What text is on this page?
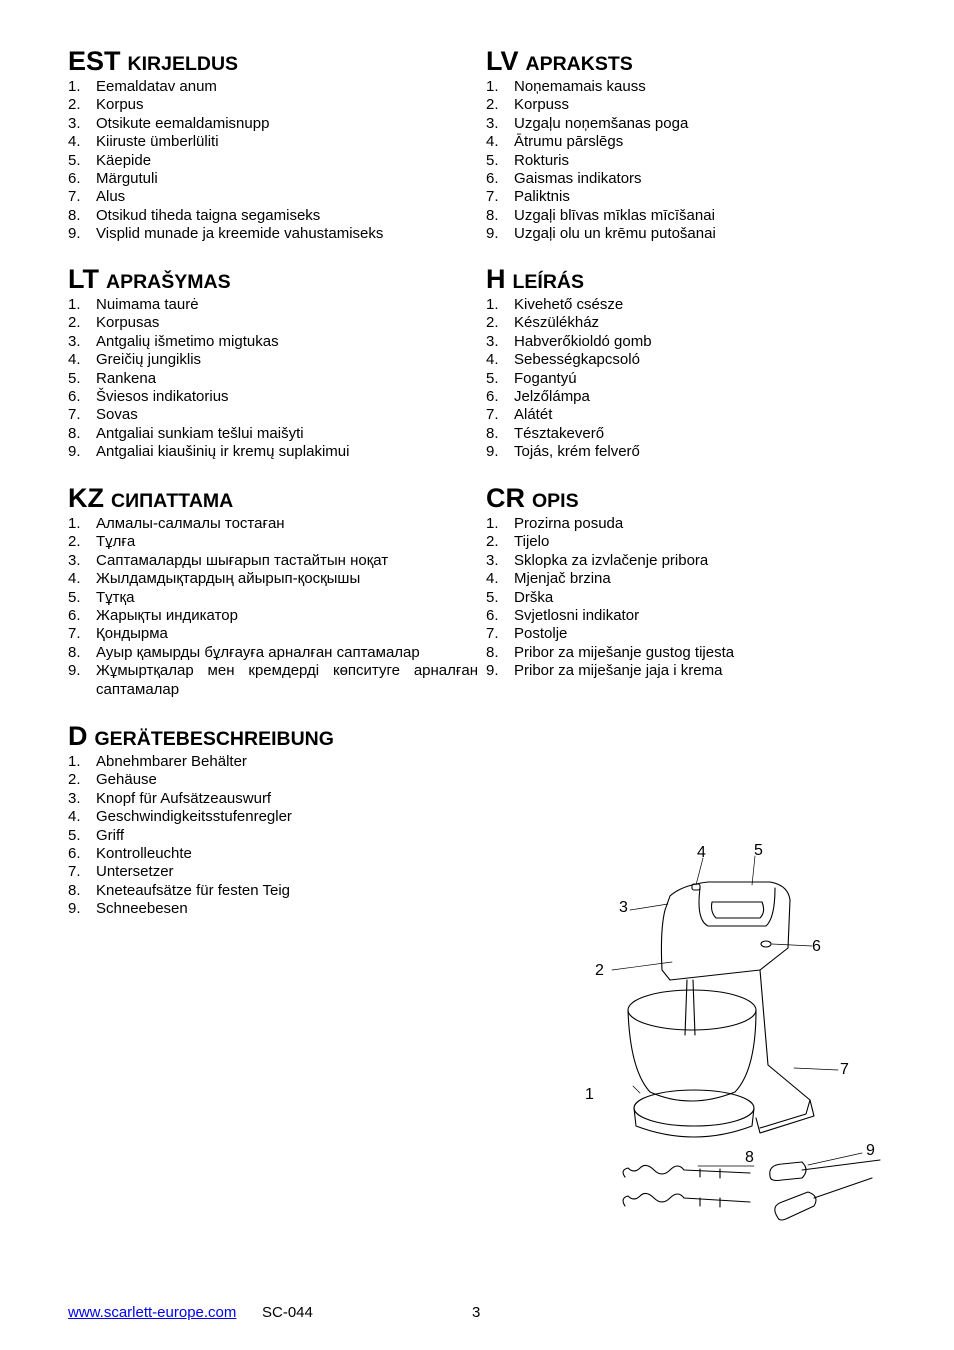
EST KIRJELDUS
1. Eemaldatav anum
2. Korpus
3. Otsikute eemaldamisnupp
4. Kiiruste ümberlüliti
5. Käepide
6. Märgutuli
7. Alus
8. Otsikud tiheda taigna segamiseks
9. Visplid munade ja kreemide vahustamiseks
LV APRAKSTS
1. Noņemamais kauss
2. Korpuss
3. Uzgaļu noņemšanas poga
4. Ātrumu pārslēgs
5. Rokturis
6. Gaismas indikators
7. Paliktnis
8. Uzgaļi blīvas mīklas mīcīšanai
9. Uzgaļi olu un krēmu putošanai
LT APRAŠYMAS
1. Nuimama taurė
2. Korpusas
3. Antgalių išmetimo migtukas
4. Greičių jungiklis
5. Rankena
6. Šviesos indikatorius
7. Sovas
8. Antgaliai sunkiam tešlui maišyti
9. Antgaliai kiaušinių ir kremų suplakimui
H LEÍRÁS
1. Kivehető csésze
2. Készülékház
3. Habverőkioldó gomb
4. Sebességkapcsoló
5. Fogantyú
6. Jelzőlámpa
7. Alátét
8. Tésztakeverő
9. Tojás, krém felverő
KZ СИПАТТАМА
1. Алмалы-салмалы тостаған
2. Тұлға
3. Саптамаларды шығарып тастайтын ноқат
4. Жылдамдықтардың айырып-қосқышы
5. Тұтқа
6. Жарықты индикатор
7. Қондырма
8. Ауыр қамырды бұлғауға арналған саптамалар
9. Жұмыртқалар мен кремдерді көпситуге арналған саптамалар
CR OPIS
1. Prozirna posuda
2. Tijelo
3. Sklopka za izvlačenje pribora
4. Mjenjač brzina
5. Drška
6. Svjetlosni indikator
7. Postolje
8. Pribor za miješanje gustog tijesta
9. Pribor za miješanje jaja i krema
D GERÄTEBESCHREIBUNG
1. Abnehmbarer Behälter
2. Gehäuse
3. Knopf für Aufsätzeauswurf
4. Geschwindigkeitsstufenregler
5. Griff
6. Kontrolleuchte
7. Untersetzer
8. Kneteaufsätze für festen Teig
9. Schneebesen
1
2
3
4	5
6
7
8	9
www.scarlett-europe.com SC-044	3
